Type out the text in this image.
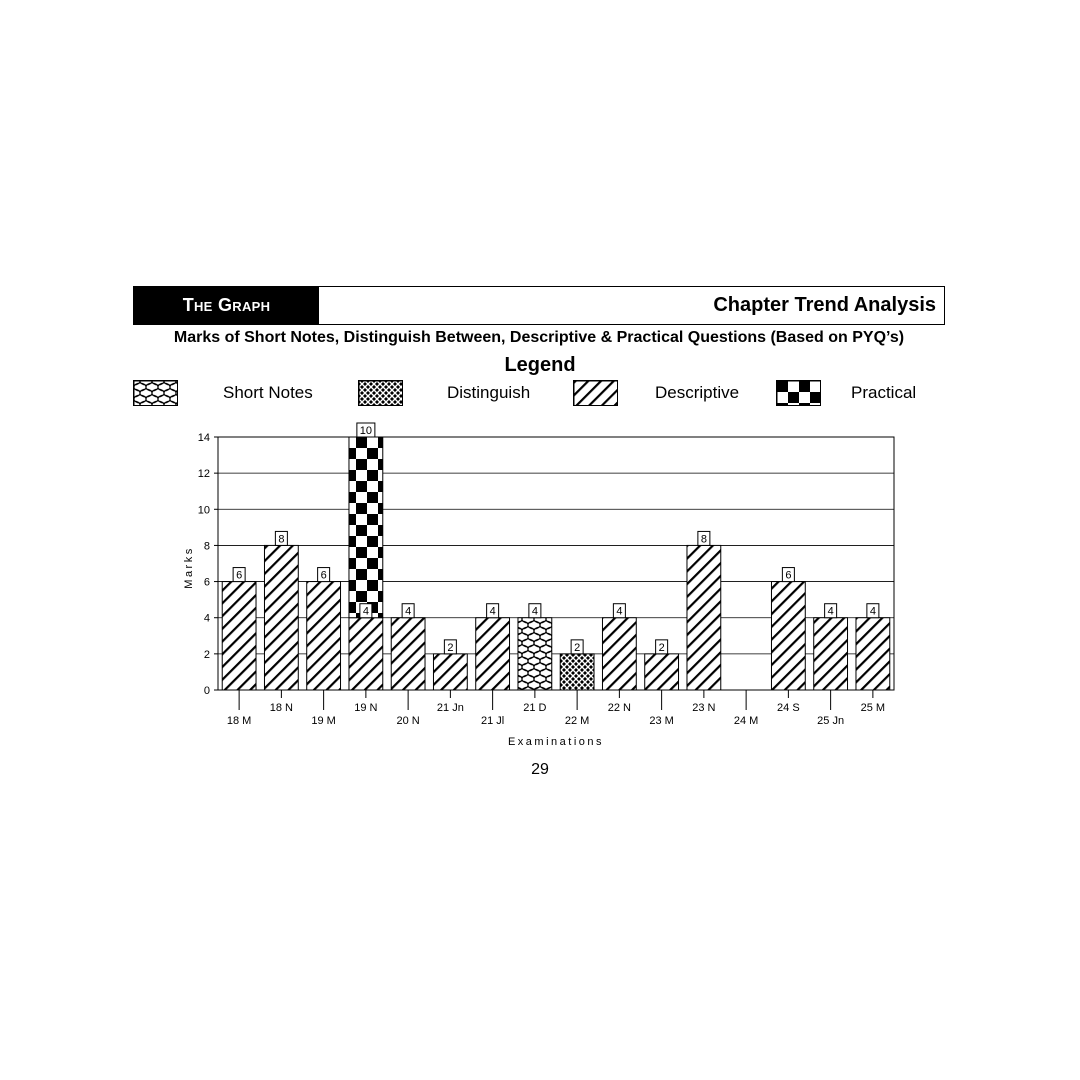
The Graph	Chapter Trend Analysis
Marks of Short Notes, Distinguish Between, Descriptive & Practical Questions (Based on PYQ’s)
Legend
Short Notes	Distinguish	Descriptive	Practical
0
2
4
6
8
10
12
14
6
8
6
4
10
4
2
4	4
2
4
2
8
6
4	4
18 M
18 N
19 M
19 N
20 N
21 Jn
21 Jl
21 D
22 M
22 N
23 M
23 N
24 M
24 S
25 Jn
25 M
Examinations
Marks
29
